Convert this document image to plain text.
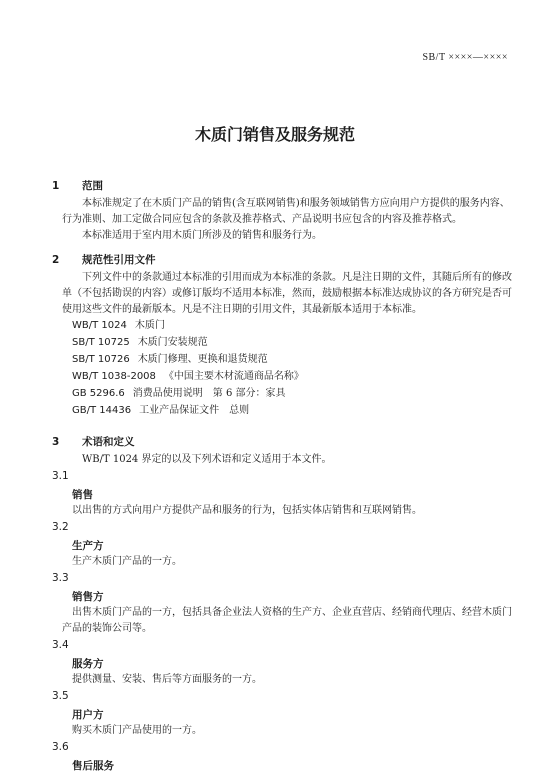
SB/T ××××—××××
木质门销售及服务规范
1 范围
本标准规定了在木质门产品的销售(含互联网销售)和服务领域销售方应向用户方提供的服务内容、行为准则、加工定做合同应包含的条款及推荐格式、产品说明书应包含的内容及推荐格式。
本标准适用于室内用木质门所涉及的销售和服务行为。
2 规范性引用文件
下列文件中的条款通过本标准的引用而成为本标准的条款。凡是注日期的文件，其随后所有的修改单（不包括勘误的内容）或修订版均不适用本标准，然而，鼓励根据本标准达成协议的各方研究是否可使用这些文件的最新版本。凡是不注日期的引用文件，其最新版本适用于本标准。
WB/T 1024 木质门
SB/T 10725 木质门安装规范
SB/T 10726 木质门修理、更换和退货规范
WB/T 1038-2008 《中国主要木材流通商品名称》
GB 5296.6 消费品使用说明　第 6 部分：家具
GB/T 14436 工业产品保证文件　总则
3 术语和定义
WB/T 1024 界定的以及下列术语和定义适用于本文件。
3.1
销售
以出售的方式向用户方提供产品和服务的行为，包括实体店销售和互联网销售。
3.2
生产方
生产木质门产品的一方。
3.3
销售方
出售木质门产品的一方，包括具备企业法人资格的生产方、企业直营店、经销商代理店、经营木质门产品的装饰公司等。
3.4
服务方
提供测量、安装、售后等方面服务的一方。
3.5
用户方
购买木质门产品使用的一方。
3.6
售后服务
